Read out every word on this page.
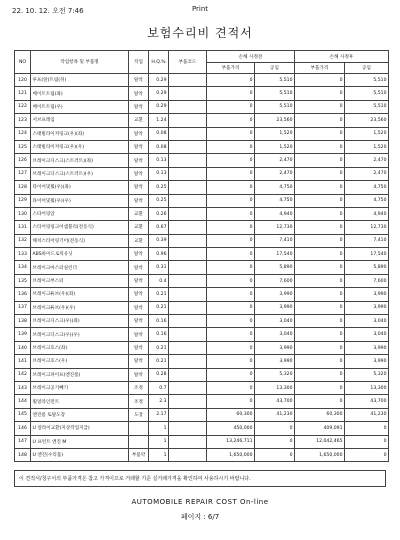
22. 10. 12. 오전 7:46	Print
보험수리비 견적서
NO	작업항목 및 부품명	작업	H.Q.%	부품코드	손해 사정전		손해 사정후	
					부품가격	공임	부품가격	공임
120	루프(앞)트림(뒤)	탈착	0.29		0	5,510	0	5,510
121	베이트트림(좌)	탈착	0.29		0	5,510	0	5,510
122	베이트트림(우)	탈착	0.29		0	5,510	0	5,510
123	서브프레임	교환	1.24		0	23,560	0	23,560
124	스태빌라이저링크(우)(좌)	탈착	0.08		0	1,520	0	1,520
125	스태빌라이저링크(우)(우)	탈착	0.08		0	1,520	0	1,520
126	브레이크디스크(스트러트)(좌)	탈착	0.13		0	2,470	0	2,470
127	브레이크디스크(스트러트)(우)	탈착	0.13		0	2,470	0	2,470
128	타이어및휠(우)(좌)	탈착	0.25		0	4,750	0	4,750
129	타이어및휠(우)(우)	탈착	0.25		0	4,750	0	4,750
130	스타어링암	교환	0.26		0	4,940	0	4,940
131	스티어링링크어셈블리(전동식)	교환	0.67		0	12,730	0	12,730
132	해치스티어링기어(전동식)	교환	0.39		0	7,410	0	7,410
133	ABS하이드로릭유닛	탈착	0.96		0	17,540	0	17,540
134	브레이크마스터실린더	탈착	0.31		0	5,890	0	5,890
135	브레이크부스터	탈착	0.4		0	7,600	0	7,600
136	브레이크튜브(우)(좌)	탈착	0.21		0	3,990	0	3,990
137	브레이크튜브(우)(우)	탈착	0.21		0	3,990	0	3,990
138	브레이크디스크(우)(좌)	탈착	0.16		0	3,040	0	3,040
139	브레이크디스크(우)(우)	탈착	0.16		0	3,040	0	3,040
140	브레이크호스(좌)	탈착	0.21		0	3,990	0	3,990
141	브레이크호스(우)	탈착	0.21		0	3,990	0	3,990
142	브레이크파이프(엔진룸)	탈착	0.28		0	5,320	0	5,320
143	브레이크공기빼기	조정	0.7		0	13,300	0	13,300
144	휠얼라인먼트	조정	2.3		0	43,700	0	43,700
145	엔진룸 토탈도장	도장	2.17		60,300	41,230	60,300	41,230
146	U 얼라이교환(지상작업지급)		1		450,000	0	409,091	0
147	U 프런트 엔진 M		1		13,246,711	0	12,042,465	0
148	U 엔진(수리품)	부품약	1		1,650,000	0	1,650,000	0
이 견적서/청구서의 부품가격은 참고 가격이므로 거래할 기준 실거래가격을 확인하여 사용하시기 바랍니다.
AUTOMOBILE REPAIR COST On-line
페이지 : 6/7
